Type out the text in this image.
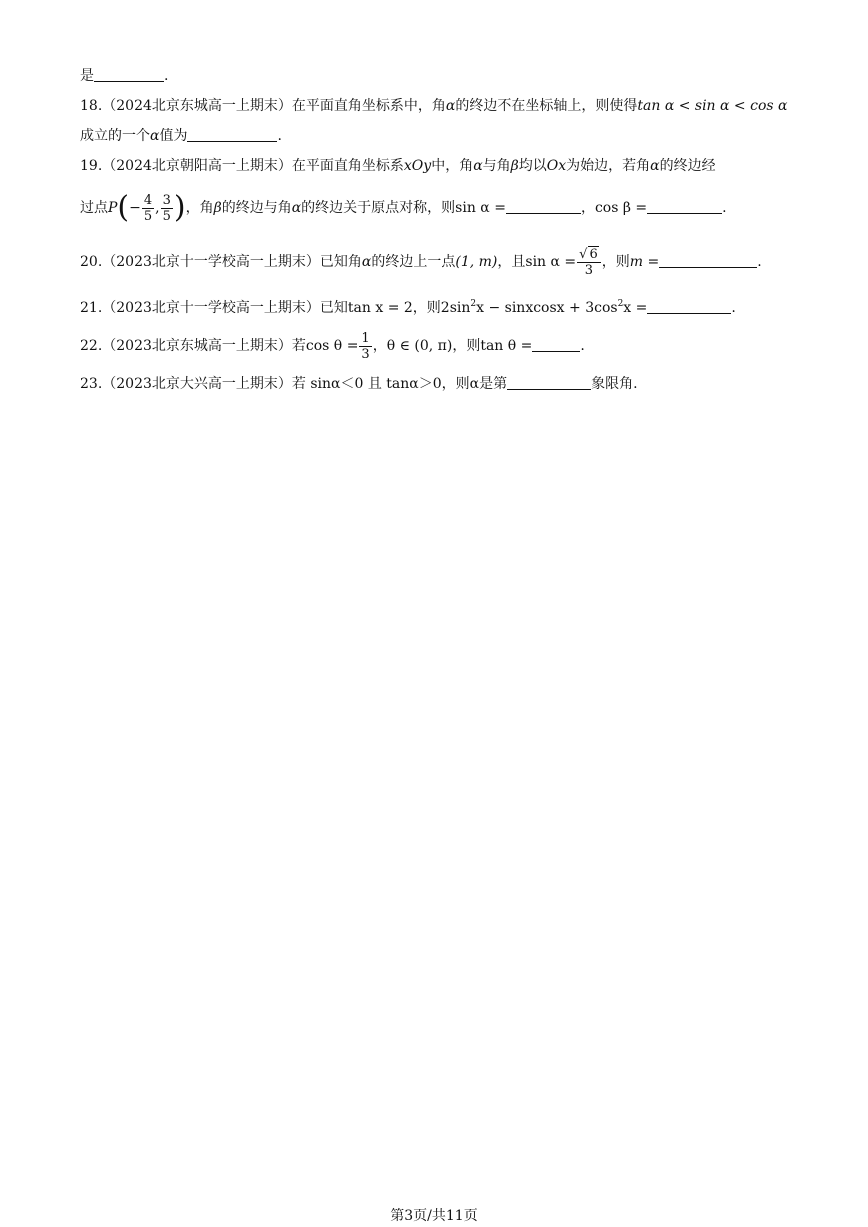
是	.
18.（2024北京东城高一上期末）在平面直角坐标系中，角α的终边不在坐标轴上，则使得tan α < sin α < cos α
成立的一个α值为	.
19.（2024北京朝阳高一上期末）在平面直角坐标系xOy中，角α与角β均以Ox为始边，若角α的终边经
过点$P(- \frac{4}{5}$ , $\frac{3}{5}$ )，角β的终边与角α的终边关于原点对称，则sin α =	，cos β =	.
20.（2023北京十一学校高一上期末）已知角α的终边上一点(1, m)，且$\sin \alpha = \frac{√ 6}{3}$ ，则m =	.
21.（2023北京十一学校高一上期末）已知tan x = 2，则$2\sin^2x$ − sinxcosx + $3\cos^2x$ =	.
22.（2023北京东城高一上期末）若$\cos \theta = \frac{1}{3}$ ，θ ∈ (0, π)，则tan θ =	.
23.（2023北京大兴高一上期末）若 sinα＜0 且 tanα＞0，则α是第	象限角.
第3页/共11页
